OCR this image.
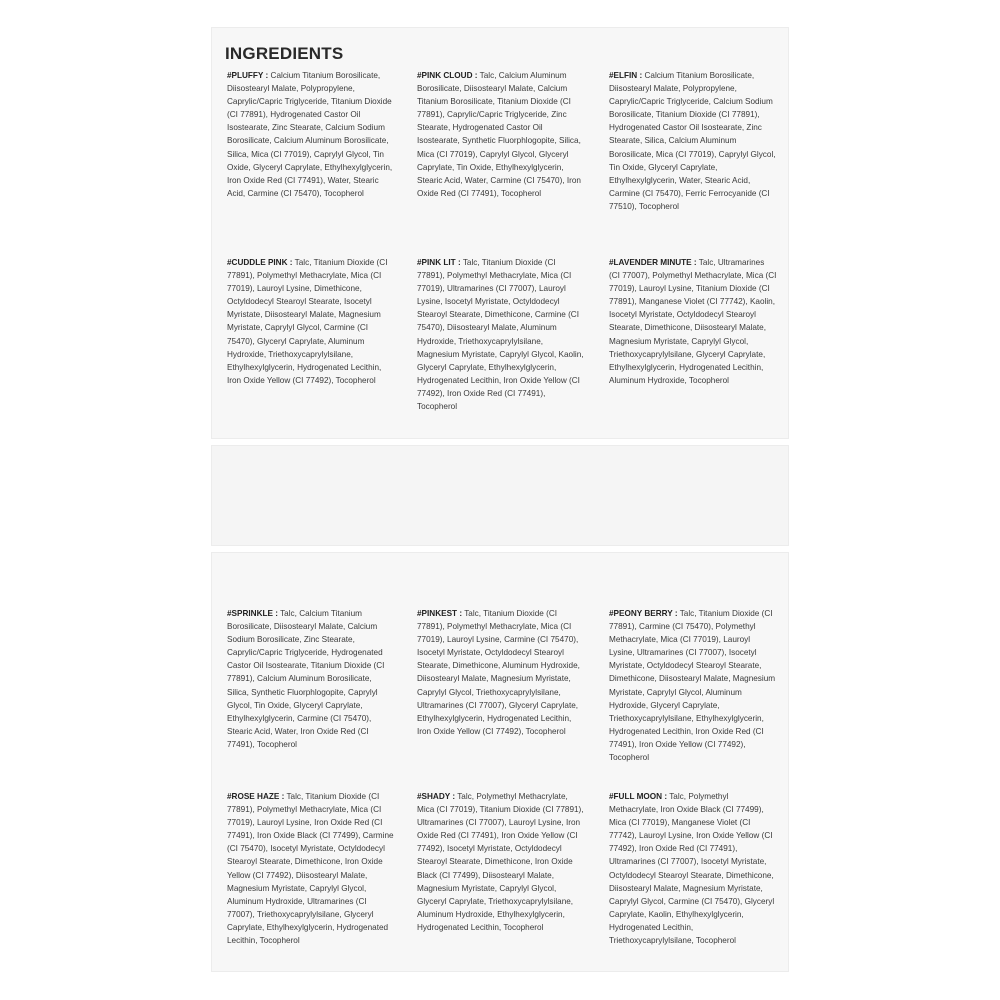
INGREDIENTS

#PLUFFY : Calcium Titanium Borosilicate, Diisostearyl Malate, Polypropylene, Caprylic/Capric Triglyceride, Titanium Dioxide (CI 77891), Hydrogenated Castor Oil Isostearate, Zinc Stearate, Calcium Sodium Borosilicate, Calcium Aluminum Borosilicate, Silica, Mica (CI 77019), Caprylyl Glycol, Tin Oxide, Glyceryl Caprylate, Ethylhexylglycerin, Iron Oxide Red (CI 77491), Water, Stearic Acid, Carmine (CI 75470), Tocopherol

#PINK CLOUD : Talc, Calcium Aluminum Borosilicate, Diisostearyl Malate, Calcium Titanium Borosilicate, Titanium Dioxide (CI 77891), Caprylic/Capric Triglyceride, Zinc Stearate, Hydrogenated Castor Oil Isostearate, Synthetic Fluorphlogopite, Silica, Mica (CI 77019), Caprylyl Glycol, Glyceryl Caprylate, Tin Oxide, Ethylhexylglycerin, Stearic Acid, Water, Carmine (CI 75470), Iron Oxide Red (CI 77491), Tocopherol

#ELFIN : Calcium Titanium Borosilicate, Diisostearyl Malate, Polypropylene, Caprylic/Capric Triglyceride, Calcium Sodium Borosilicate, Titanium Dioxide (CI 77891), Hydrogenated Castor Oil Isostearate, Zinc Stearate, Silica, Calcium Aluminum Borosilicate, Mica (CI 77019), Caprylyl Glycol, Tin Oxide, Glyceryl Caprylate, Ethylhexylglycerin, Water, Stearic Acid, Carmine (CI 75470), Ferric Ferrocyanide (CI 77510), Tocopherol

#CUDDLE PINK : Talc, Titanium Dioxide (CI 77891), Polymethyl Methacrylate, Mica (CI 77019), Lauroyl Lysine, Dimethicone, Octyldodecyl Stearoyl Stearate, Isocetyl Myristate, Diisostearyl Malate, Magnesium Myristate, Caprylyl Glycol, Carmine (CI 75470), Glyceryl Caprylate, Aluminum Hydroxide, Triethoxycaprylylsilane, Ethylhexylglycerin, Hydrogenated Lecithin, Iron Oxide Yellow (CI 77492), Tocopherol

#PINK LIT : Talc, Titanium Dioxide (CI 77891), Polymethyl Methacrylate, Mica (CI 77019), Ultramarines (CI 77007), Lauroyl Lysine, Isocetyl Myristate, Octyldodecyl Stearoyl Stearate, Dimethicone, Carmine (CI 75470), Diisostearyl Malate, Aluminum Hydroxide, Triethoxycaprylylsilane, Magnesium Myristate, Caprylyl Glycol, Kaolin, Glyceryl Caprylate, Ethylhexylglycerin, Hydrogenated Lecithin, Iron Oxide Yellow (CI 77492), Iron Oxide Red (CI 77491), Tocopherol

#LAVENDER MINUTE : Talc, Ultramarines (CI 77007), Polymethyl Methacrylate, Mica (CI 77019), Lauroyl Lysine, Titanium Dioxide (CI 77891), Manganese Violet (CI 77742), Kaolin, Isocetyl Myristate, Octyldodecyl Stearoyl Stearate, Dimethicone, Diisostearyl Malate, Magnesium Myristate, Caprylyl Glycol, Triethoxycaprylylsilane, Glyceryl Caprylate, Ethylhexylglycerin, Hydrogenated Lecithin, Aluminum Hydroxide, Tocopherol

#SPRINKLE : Talc, Calcium Titanium Borosilicate, Diisostearyl Malate, Calcium Sodium Borosilicate, Zinc Stearate, Caprylic/Capric Triglyceride, Hydrogenated Castor Oil Isostearate, Titanium Dioxide (CI 77891), Calcium Aluminum Borosilicate, Silica, Synthetic Fluorphlogopite, Caprylyl Glycol, Tin Oxide, Glyceryl Caprylate, Ethylhexylglycerin, Carmine (CI 75470), Stearic Acid, Water, Iron Oxide Red (CI 77491), Tocopherol

#PINKEST : Talc, Titanium Dioxide (CI 77891), Polymethyl Methacrylate, Mica (CI 77019), Lauroyl Lysine, Carmine (CI 75470), Isocetyl Myristate, Octyldodecyl Stearoyl Stearate, Dimethicone, Aluminum Hydroxide, Diisostearyl Malate, Magnesium Myristate, Caprylyl Glycol, Triethoxycaprylylsilane, Ultramarines (CI 77007), Glyceryl Caprylate, Ethylhexylglycerin, Hydrogenated Lecithin, Iron Oxide Yellow (CI 77492), Tocopherol

#PEONY BERRY : Talc, Titanium Dioxide (CI 77891), Carmine (CI 75470), Polymethyl Methacrylate, Mica (CI 77019), Lauroyl Lysine, Ultramarines (CI 77007), Isocetyl Myristate, Octyldodecyl Stearoyl Stearate, Dimethicone, Diisostearyl Malate, Magnesium Myristate, Caprylyl Glycol, Aluminum Hydroxide, Glyceryl Caprylate, Triethoxycaprylylsilane, Ethylhexylglycerin, Hydrogenated Lecithin, Iron Oxide Red (CI 77491), Iron Oxide Yellow (CI 77492), Tocopherol

#ROSE HAZE : Talc, Titanium Dioxide (CI 77891), Polymethyl Methacrylate, Mica (CI 77019), Lauroyl Lysine, Iron Oxide Red (CI 77491), Iron Oxide Black (CI 77499), Carmine (CI 75470), Isocetyl Myristate, Octyldodecyl Stearoyl Stearate, Dimethicone, Iron Oxide Yellow (CI 77492), Diisostearyl Malate, Magnesium Myristate, Caprylyl Glycol, Aluminum Hydroxide, Ultramarines (CI 77007), Triethoxycaprylylsilane, Glyceryl Caprylate, Ethylhexylglycerin, Hydrogenated Lecithin, Tocopherol

#SHADY : Talc, Polymethyl Methacrylate, Mica (CI 77019), Titanium Dioxide (CI 77891), Ultramarines (CI 77007), Lauroyl Lysine, Iron Oxide Red (CI 77491), Iron Oxide Yellow (CI 77492), Isocetyl Myristate, Octyldodecyl Stearoyl Stearate, Dimethicone, Iron Oxide Black (CI 77499), Diisostearyl Malate, Magnesium Myristate, Caprylyl Glycol, Glyceryl Caprylate, Triethoxycaprylylsilane, Aluminum Hydroxide, Ethylhexylglycerin, Hydrogenated Lecithin, Tocopherol

#FULL MOON : Talc, Polymethyl Methacrylate, Iron Oxide Black (CI 77499), Mica (CI 77019), Manganese Violet (CI 77742), Lauroyl Lysine, Iron Oxide Yellow (CI 77492), Iron Oxide Red (CI 77491), Ultramarines (CI 77007), Isocetyl Myristate, Octyldodecyl Stearoyl Stearate, Dimethicone, Diisostearyl Malate, Magnesium Myristate, Caprylyl Glycol, Carmine (CI 75470), Glyceryl Caprylate, Kaolin, Ethylhexylglycerin, Hydrogenated Lecithin, Triethoxycaprylylsilane, Tocopherol
